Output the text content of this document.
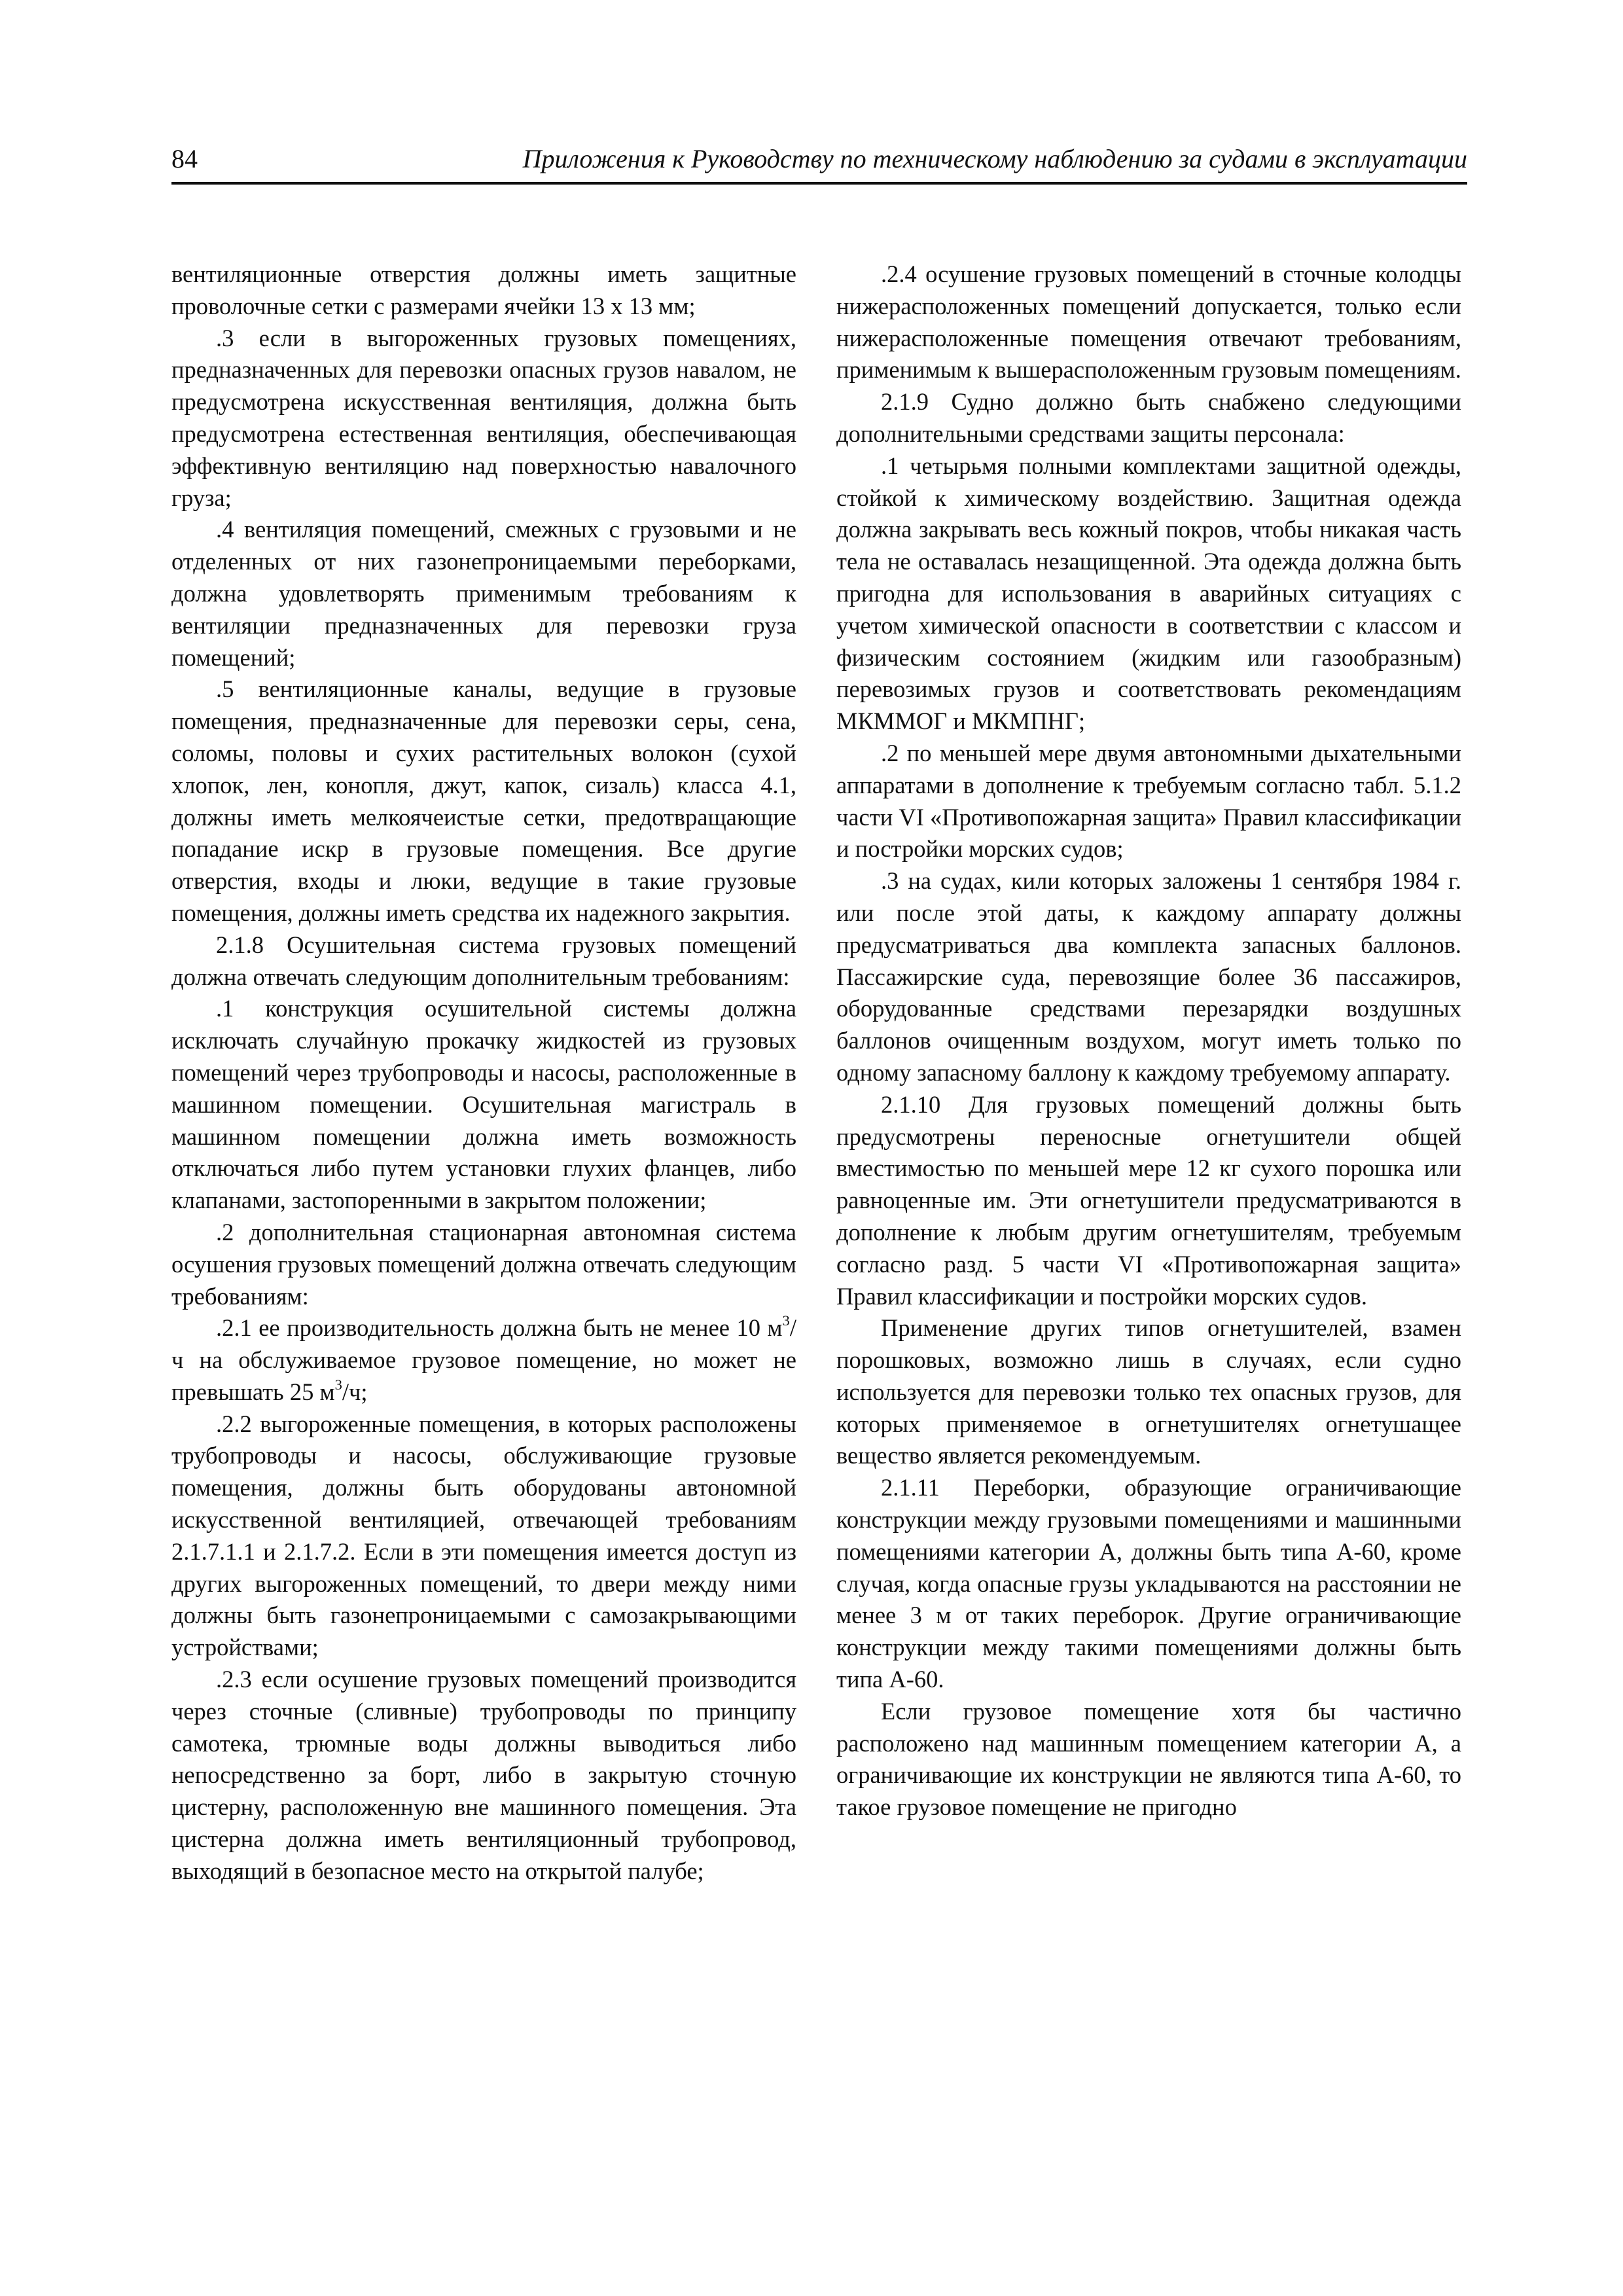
84	Приложения к Руководству по техническому наблюдению за судами в эксплуатации

вентиляционные отверстия должны иметь защитные проволочные сетки с размерами ячейки 13 х 13 мм;

.3 если в выгороженных грузовых помещениях, предназначенных для перевозки опасных грузов навалом, не предусмотрена искусственная вентиляция, должна быть предусмотрена естественная вентиляция, обеспечивающая эффективную вентиляцию над поверхностью навалочного груза;

.4 вентиляция помещений, смежных с грузовыми и не отделенных от них газонепроницаемыми переборками, должна удовлетворять применимым требованиям к вентиляции предназначенных для перевозки груза помещений;

.5 вентиляционные каналы, ведущие в грузовые помещения, предназначенные для перевозки серы, сена, соломы, половы и сухих растительных волокон (сухой хлопок, лен, конопля, джут, капок, сизаль) класса 4.1, должны иметь мелкоячеистые сетки, предотвращающие попадание искр в грузовые помещения. Все другие отверстия, входы и люки, ведущие в такие грузовые помещения, должны иметь средства их надежного закрытия.

2.1.8 Осушительная система грузовых помещений должна отвечать следующим дополнительным требованиям:

.1 конструкция осушительной системы должна исключать случайную прокачку жидкостей из грузовых помещений через трубопроводы и насосы, расположенные в машинном помещении. Осушительная магистраль в машинном помещении должна иметь возможность отключаться либо путем установки глухих фланцев, либо клапанами, застопоренными в закрытом положении;

.2 дополнительная стационарная автономная система осушения грузовых помещений должна отвечать следующим требованиям:

.2.1 ее производительность должна быть не менее 10 $м^3/ч$ на обслуживаемое грузовое помещение, но может не превышать 25 $м^3/ч$;

.2.2 выгороженные помещения, в которых расположены трубопроводы и насосы, обслуживающие грузовые помещения, должны быть оборудованы автономной искусственной вентиляцией, отвечающей требованиям 2.1.7.1.1 и 2.1.7.2. Если в эти помещения имеется доступ из других выгороженных помещений, то двери между ними должны быть газонепроницаемыми с самозакрывающими устройствами;

.2.3 если осушение грузовых помещений производится через сточные (сливные) трубопроводы по принципу самотека, трюмные воды должны выводиться либо непосредственно за борт, либо в закрытую сточную цистерну, расположенную вне машинного помещения. Эта цистерна должна иметь вентиляционный трубопровод, выходящий в безопасное место на открытой палубе;

.2.4 осушение грузовых помещений в сточные колодцы нижерасположенных помещений допускается, только если нижерасположенные помещения отвечают требованиям, применимым к вышерасположенным грузовым помещениям.

2.1.9 Судно должно быть снабжено следующими дополнительными средствами защиты персонала:

.1 четырьмя полными комплектами защитной одежды, стойкой к химическому воздействию. Защитная одежда должна закрывать весь кожный покров, чтобы никакая часть тела не оставалась незащищенной. Эта одежда должна быть пригодна для использования в аварийных ситуациях с учетом химической опасности в соответствии с классом и физическим состоянием (жидким или газообразным) перевозимых грузов и соответствовать рекомендациям МКММОГ и МКМПНГ;

.2 по меньшей мере двумя автономными дыхательными аппаратами в дополнение к требуемым согласно табл. 5.1.2 части VI «Противопожарная защита» Правил классификации и постройки морских судов;

.3 на судах, кили которых заложены 1 сентября 1984 г. или после этой даты, к каждому аппарату должны предусматриваться два комплекта запасных баллонов. Пассажирские суда, перевозящие более 36 пассажиров, оборудованные средствами перезарядки воздушных баллонов очищенным воздухом, могут иметь только по одному запасному баллону к каждому требуемому аппарату.

2.1.10 Для грузовых помещений должны быть предусмотрены переносные огнетушители общей вместимостью по меньшей мере 12 кг сухого порошка или равноценные им. Эти огнетушители предусматриваются в дополнение к любым другим огнетушителям, требуемым согласно разд. 5 части VI «Противопожарная защита» Правил классификации и постройки морских судов.

Применение других типов огнетушителей, взамен порошковых, возможно лишь в случаях, если судно используется для перевозки только тех опасных грузов, для которых применяемое в огнетушителях огнетушащее вещество является рекомендуемым.

2.1.11 Переборки, образующие ограничивающие конструкции между грузовыми помещениями и машинными помещениями категории А, должны быть типа А-60, кроме случая, когда опасные грузы укладываются на расстоянии не менее 3 м от таких переборок. Другие ограничивающие конструкции между такими помещениями должны быть типа А-60.

Если грузовое помещение хотя бы частично расположено над машинным помещением категории А, а ограничивающие их конструкции не являются типа А-60, то такое грузовое помещение не пригодно
